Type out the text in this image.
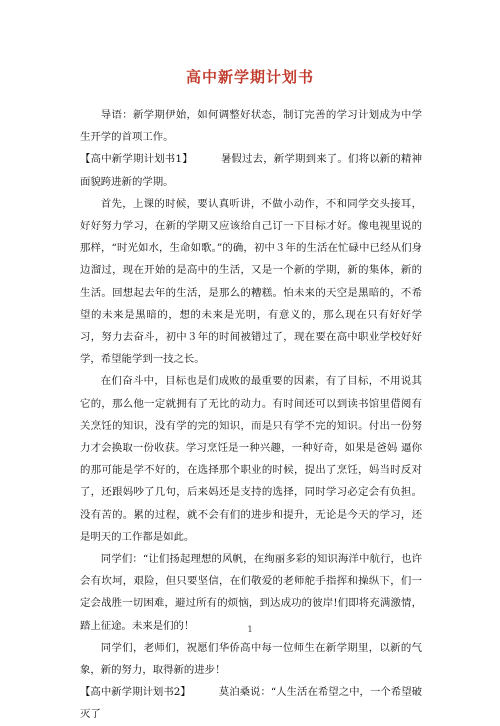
高中新学期计划书

导语：新学期伊始，如何调整好状态，制订完善的学习计划成为中学生开学的首项工作。

【高中新学期计划书1】	暑假过去，新学期到来了。们将以新的精神面貌跨进新的学期。

首先，上课的时候，要认真听讲，不做小动作，不和同学交头接耳，好好努力学习，在新的学期又应该给自己订一下目标才好。像电视里说的那样，“时光如水，生命如歌。”的确，初中３年的生活在忙碌中已经从们身边溜过，现在开始的是高中的生活，又是一个新的学期，新的集体，新的生活。回想起去年的生活，是那么的糟糕。怕未来的天空是黑暗的，不希望的未来是黑暗的，想的未来是光明，有意义的，那么现在只有好好学习，努力去奋斗，初中３年的时间被错过了，现在要在高中职业学校好好学，希望能学到一技之长。

在们奋斗中，目标也是们成败的最重要的因素，有了目标，不用说其它的，那么他一定就拥有了无比的动力。有时间还可以到读书馆里借阅有关烹饪的知识，没有学的完的知识，而是只有学不完的知识。付出一份努力才会换取一份收获。学习烹饪是一种兴趣，一种好奇，如果是爸妈 逼你的那可能是学不好的，在选择那个职业的时候，提出了烹饪，妈当时反对了，还跟妈吵了几句，后来妈还是支持的选择，同时学习必定会有负担。没有苦的。累的过程，就不会有们的进步和提升，无论是今天的学习，还是明天的工作都是如此。

同学们：“让们扬起理想的风帆，在绚丽多彩的知识海洋中航行，也许会有坎坷，艰险，但只要坚信，在们敬爱的老师舵手指挥和操纵下，们一定会战胜一切困难，避过所有的烦恼，到达成功的彼岸!们即将充满激情，踏上征途。未来是们的！

同学们，老师们，祝愿们华侨高中每一位师生在新学期里，以新的气象，新的努力，取得新的进步！

【高中新学期计划书2】	莫泊桑说：“人生活在希望之中，一个希望破灭了

1
